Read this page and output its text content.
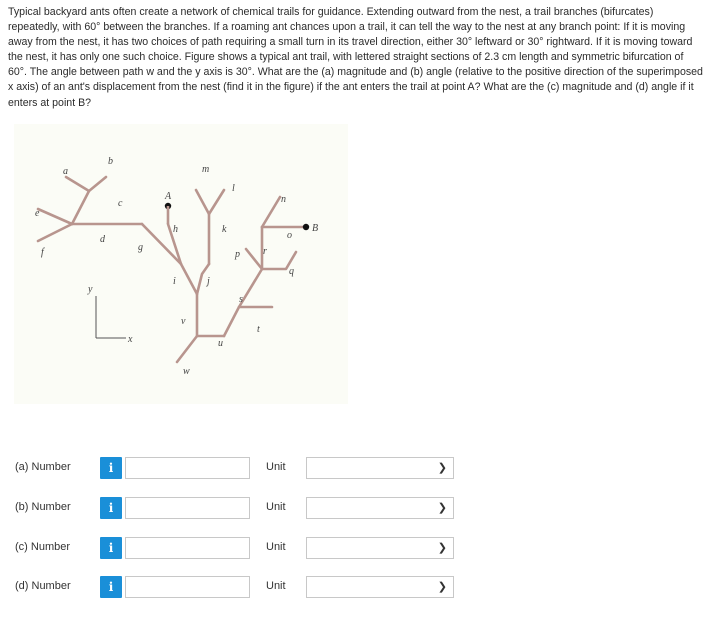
Typical backyard ants often create a network of chemical trails for guidance. Extending outward from the nest, a trail branches (bifurcates) repeatedly, with 60° between the branches. If a roaming ant chances upon a trail, it can tell the way to the nest at any branch point: If it is moving away from the nest, it has two choices of path requiring a small turn in its travel direction, either 30° leftward or 30° rightward. If it is moving toward the nest, it has only one such choice. Figure shows a typical ant trail, with lettered straight sections of 2.3 cm length and symmetric bifurcation of 60°. The angle between path w and the y axis is 30°. What are the (a) magnitude and (b) angle (relative to the positive direction of the superimposed x axis) of an ant's displacement from the nest (find it in the figure) if the ant enters the trail at point A? What are the (c) magnitude and (d) angle if it enters at point B?
a
b
c
d
e
f	g
h
i	j
k
l
m
n
o
p
q
r
s
t
u
v
w
A
B
y
x
(a) Number	i	Unit	❯
(b) Number	i	Unit	❯
(c) Number	i	Unit	❯
(d) Number	i	Unit	❯
